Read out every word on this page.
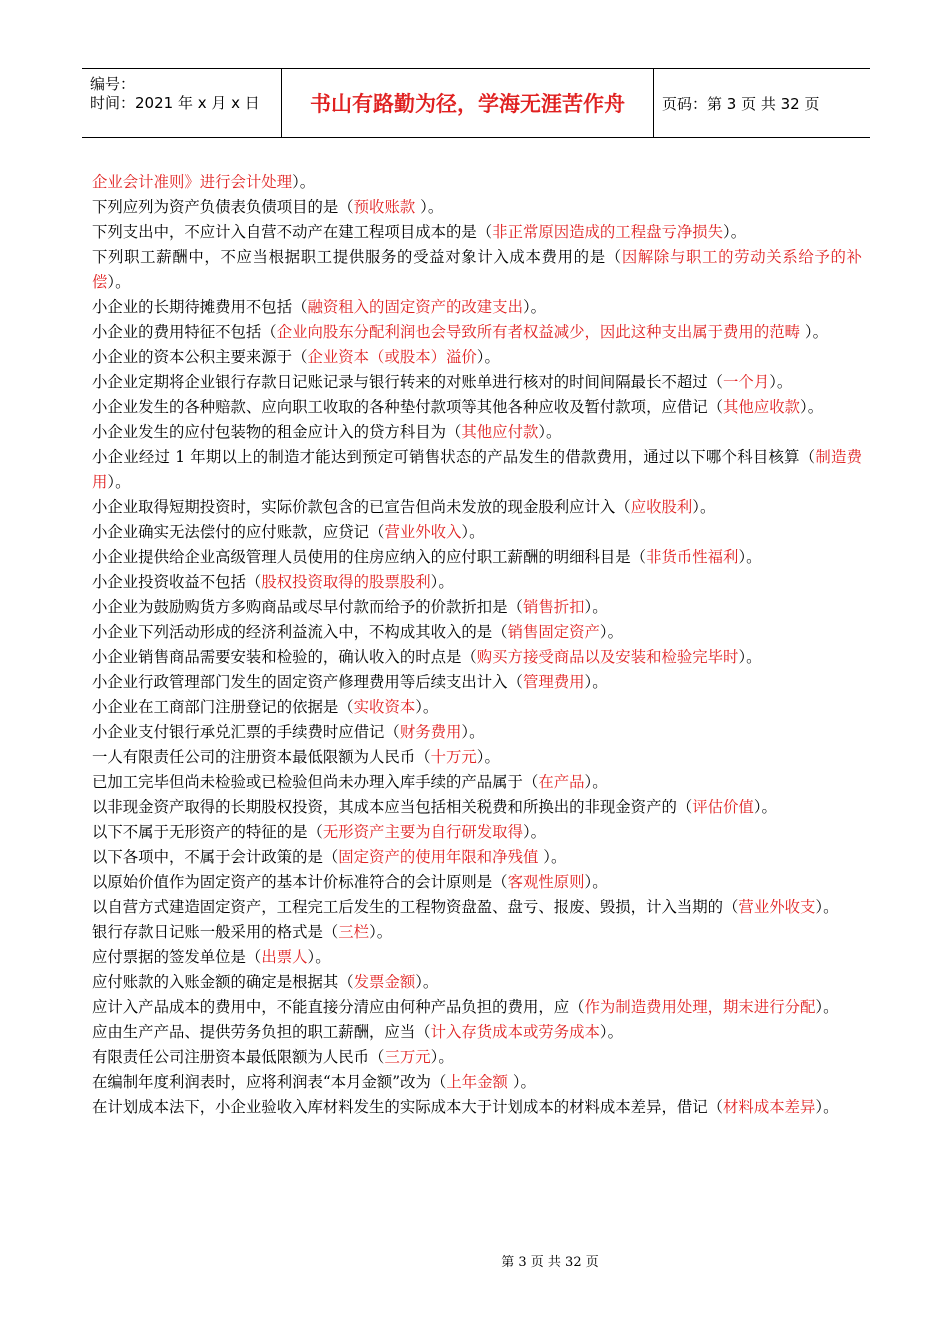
编号：
时间：2021 年 x 月 x 日	书山有路勤为径，学海无涯苦作舟	页码：第 3 页 共 32 页
企业会计准则》进行会计处理）。
下列应列为资产负债表负债项目的是（预收账款 ）。
下列支出中，不应计入自营不动产在建工程项目成本的是（非正常原因造成的工程盘亏净损失）。
下列职工薪酬中，不应当根据职工提供服务的受益对象计入成本费用的是（因解除与职工的劳动关系给予的补偿）。
小企业的长期待摊费用不包括（融资租入的固定资产的改建支出）。
小企业的费用特征不包括（企业向股东分配利润也会导致所有者权益减少，因此这种支出属于费用的范畴 ）。
小企业的资本公积主要来源于（企业资本（或股本）溢价）。
小企业定期将企业银行存款日记账记录与银行转来的对账单进行核对的时间间隔最长不超过（一个月）。
小企业发生的各种赔款、应向职工收取的各种垫付款项等其他各种应收及暂付款项，应借记（其他应收款）。
小企业发生的应付包装物的租金应计入的贷方科目为（其他应付款）。
小企业经过 1 年期以上的制造才能达到预定可销售状态的产品发生的借款费用，通过以下哪个科目核算（制造费用）。
小企业取得短期投资时，实际价款包含的已宣告但尚未发放的现金股利应计入（应收股利）。
小企业确实无法偿付的应付账款，应贷记（营业外收入）。
小企业提供给企业高级管理人员使用的住房应纳入的应付职工薪酬的明细科目是（非货币性福利）。
小企业投资收益不包括（股权投资取得的股票股利）。
小企业为鼓励购货方多购商品或尽早付款而给予的价款折扣是（销售折扣）。
小企业下列活动形成的经济利益流入中，不构成其收入的是（销售固定资产）。
小企业销售商品需要安装和检验的，确认收入的时点是（购买方接受商品以及安装和检验完毕时）。
小企业行政管理部门发生的固定资产修理费用等后续支出计入（管理费用）。
小企业在工商部门注册登记的依据是（实收资本）。
小企业支付银行承兑汇票的手续费时应借记（财务费用）。
一人有限责任公司的注册资本最低限额为人民币（十万元）。
已加工完毕但尚未检验或已检验但尚未办理入库手续的产品属于（在产品）。
以非现金资产取得的长期股权投资，其成本应当包括相关税费和所换出的非现金资产的（评估价值）。
以下不属于无形资产的特征的是（无形资产主要为自行研发取得）。
以下各项中，不属于会计政策的是（固定资产的使用年限和净残值 ）。
以原始价值作为固定资产的基本计价标准符合的会计原则是（客观性原则）。
以自营方式建造固定资产，工程完工后发生的工程物资盘盈、盘亏、报废、毁损，计入当期的（营业外收支）。
银行存款日记账一般采用的格式是（三栏）。
应付票据的签发单位是（出票人）。
应付账款的入账金额的确定是根据其（发票金额）。
应计入产品成本的费用中，不能直接分清应由何种产品负担的费用，应（作为制造费用处理，期末进行分配）。
应由生产产品、提供劳务负担的职工薪酬，应当（计入存货成本或劳务成本）。
有限责任公司注册资本最低限额为人民币（三万元）。
在编制年度利润表时，应将利润表“本月金额”改为（上年金额 ）。
在计划成本法下，小企业验收入库材料发生的实际成本大于计划成本的材料成本差异，借记（材料成本差异）。
第 3 页 共 32 页
